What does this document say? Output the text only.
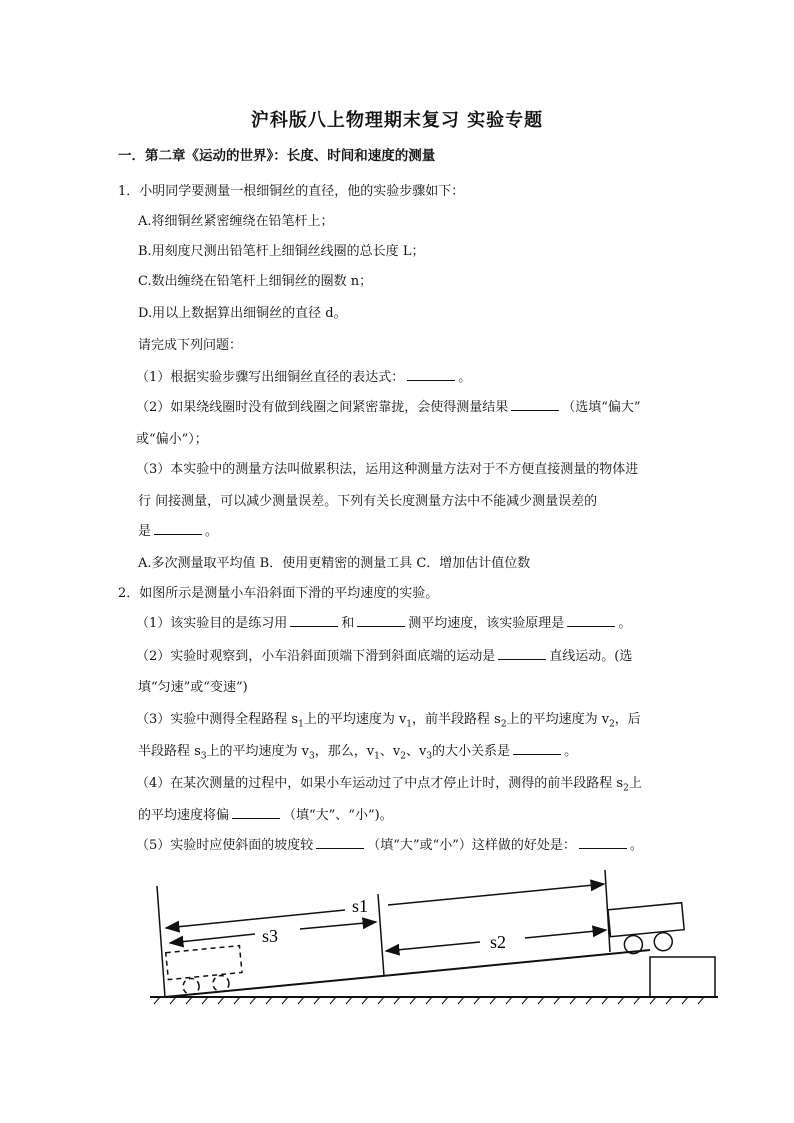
沪科版八上物理期末复习 实验专题
一．第二章《运动的世界》：长度、时间和速度的测量
1．小明同学要测量一根细铜丝的直径，他的实验步骤如下：
A.将细铜丝紧密缠绕在铅笔杆上；
B.用刻度尺测出铅笔杆上细铜丝线圈的总长度 L；
C.数出缠绕在铅笔杆上细铜丝的圈数 n；
D.用以上数据算出细铜丝的直径 d。
请完成下列问题：
（1）根据实验步骤写出细铜丝直径的表达式：	。
（2）如果绕线圈时没有做到线圈之间紧密靠拢，会使得测量结果	（选填“偏大”
或“偏小”）；
（3）本实验中的测量方法叫做累积法，运用这种测量方法对于不方便直接测量的物体进
行 间接测量，可以减少测量误差。下列有关长度测量方法中不能减少测量误差的
是	。
A.多次测量取平均值 B．使用更精密的测量工具 C．增加估计值位数
2．如图所示是测量小车沿斜面下滑的平均速度的实验。
（1）该实验目的是练习用	和	测平均速度，该实验原理是	。
（2）实验时观察到，小车沿斜面顶端下滑到斜面底端的运动是	直线运动。(选
填“匀速”或“变速”)
（3）实验中测得全程路程 $s_1$上的平均速度为 $v_1$，前半段路程 $s_2$上的平均速度为 $v_2$，后
半段路程 $s_3$上的平均速度为 $v_3$，那么，$v_1$、$v_2$、$v_3$的大小关系是	。
（4）在某次测量的过程中，如果小车运动过了中点才停止计时，测得的前半段路程 $s_2$上
的平均速度将偏	（填“大”、“小”)。
（5）实验时应使斜面的坡度较	（填“大”或“小”）这样做的好处是：	。
s1
s3	s2
